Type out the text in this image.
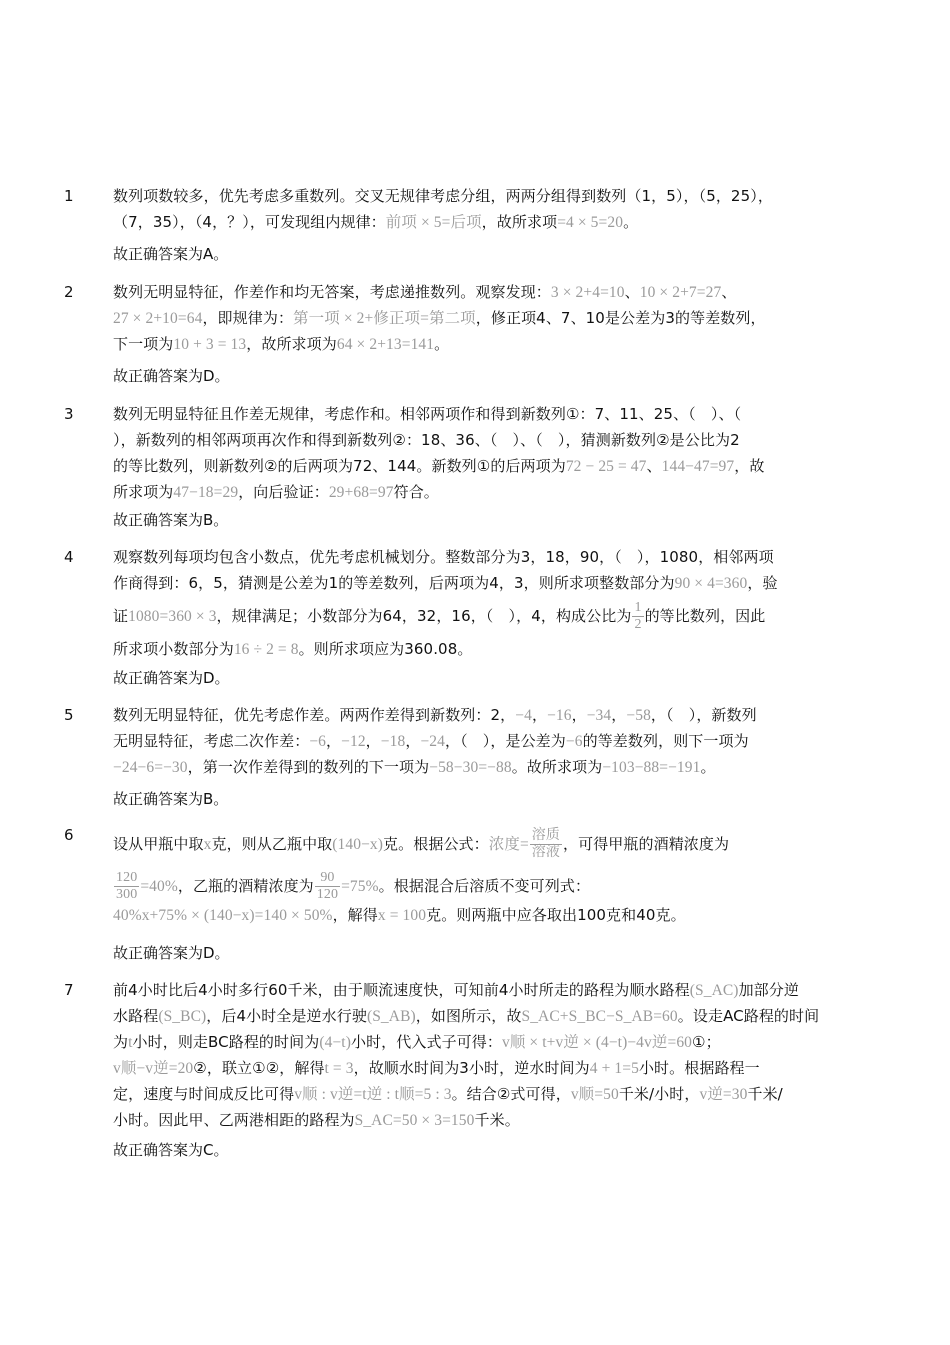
1	数列项数较多，优先考虑多重数列。交叉无规律考虑分组，两两分组得到数列（1，5），（5，25），
（7，35），（4，？），可发现组内规律：前项 × 5=后项，故所求项=4 × 5=20。
故正确答案为A。
2	数列无明显特征，作差作和均无答案，考虑递推数列。观察发现：3 × 2+4=10、10 × 2+7=27、
27 × 2+10=64，即规律为：第一项 × 2+修正项=第二项，修正项4、7、10是公差为3的等差数列，
下一项为10 + 3 = 13，故所求项为64 × 2+13=141。
故正确答案为D。
3	数列无明显特征且作差无规律，考虑作和。相邻两项作和得到新数列①：7、11、25、（　）、（
），新数列的相邻两项再次作和得到新数列②：18、36、（　）、（　），猜测新数列②是公比为2
的等比数列，则新数列②的后两项为72、144。新数列①的后两项为72 − 25 = 47、144−47=97，故
所求项为47−18=29，向后验证：29+68=97符合。
故正确答案为B。
4	观察数列每项均包含小数点，优先考虑机械划分。整数部分为3，18，90，（　），1080，相邻两项
作商得到：6，5，猜测是公差为1的等差数列，后两项为4，3，则所求项整数部分为90 × 4=360，验
证1080=360 × 3，规律满足；小数部分为64，32，16，（　），4，构成公比为 $\frac{1}{2}$ 的等比数列，因此
所求项小数部分为16 ÷ 2 = 8。则所求项应为360.08。
故正确答案为D。
5	数列无明显特征，优先考虑作差。两两作差得到新数列：2，−4，−16，−34，−58，（　），新数列
无明显特征，考虑二次作差：−6，−12，−18，−24，（　），是公差为−6的等差数列，则下一项为
−24−6=−30，第一次作差得到的数列的下一项为−58−30=−88。故所求项为−103−88=−191。
故正确答案为B。
6	设从甲瓶中取x克，则从乙瓶中取(140−x)克。根据公式：浓度= $\frac{\text{溶质}}{\text{溶液}}$ ，可得甲瓶的酒精浓度为
$\frac{120}{300} =40\%$，乙瓶的酒精浓度为 $\frac{90}{120} =75\%$。根据混合后溶质不变可列式：
40%x+75% × (140−x)=140 × 50%，解得x = 100克。则两瓶中应各取出100克和40克。
故正确答案为D。
7	前4小时比后4小时多行60千米，由于顺流速度快，可知前4小时所走的路程为顺水路程(S_AC)加部分逆
水路程(S_BC)，后4小时全是逆水行驶(S_AB)，如图所示，故S_AC+S_BC−S_AB=60。设走AC路程的时间
为t小时，则走BC路程的时间为(4−t)小时，代入式子可得：v顺 × t+v逆 × (4−t)−4v逆=60①；
v顺−v逆=20②，联立①②，解得t = 3，故顺水时间为3小时，逆水时间为4 + 1=5小时。根据路程一
定，速度与时间成反比可得v顺 : v逆=t逆 : t顺=5 : 3。结合②式可得，v顺=50千米/小时，v逆=30千米/
小时。因此甲、乙两港相距的路程为S_AC=50 × 3=150千米。
故正确答案为C。
